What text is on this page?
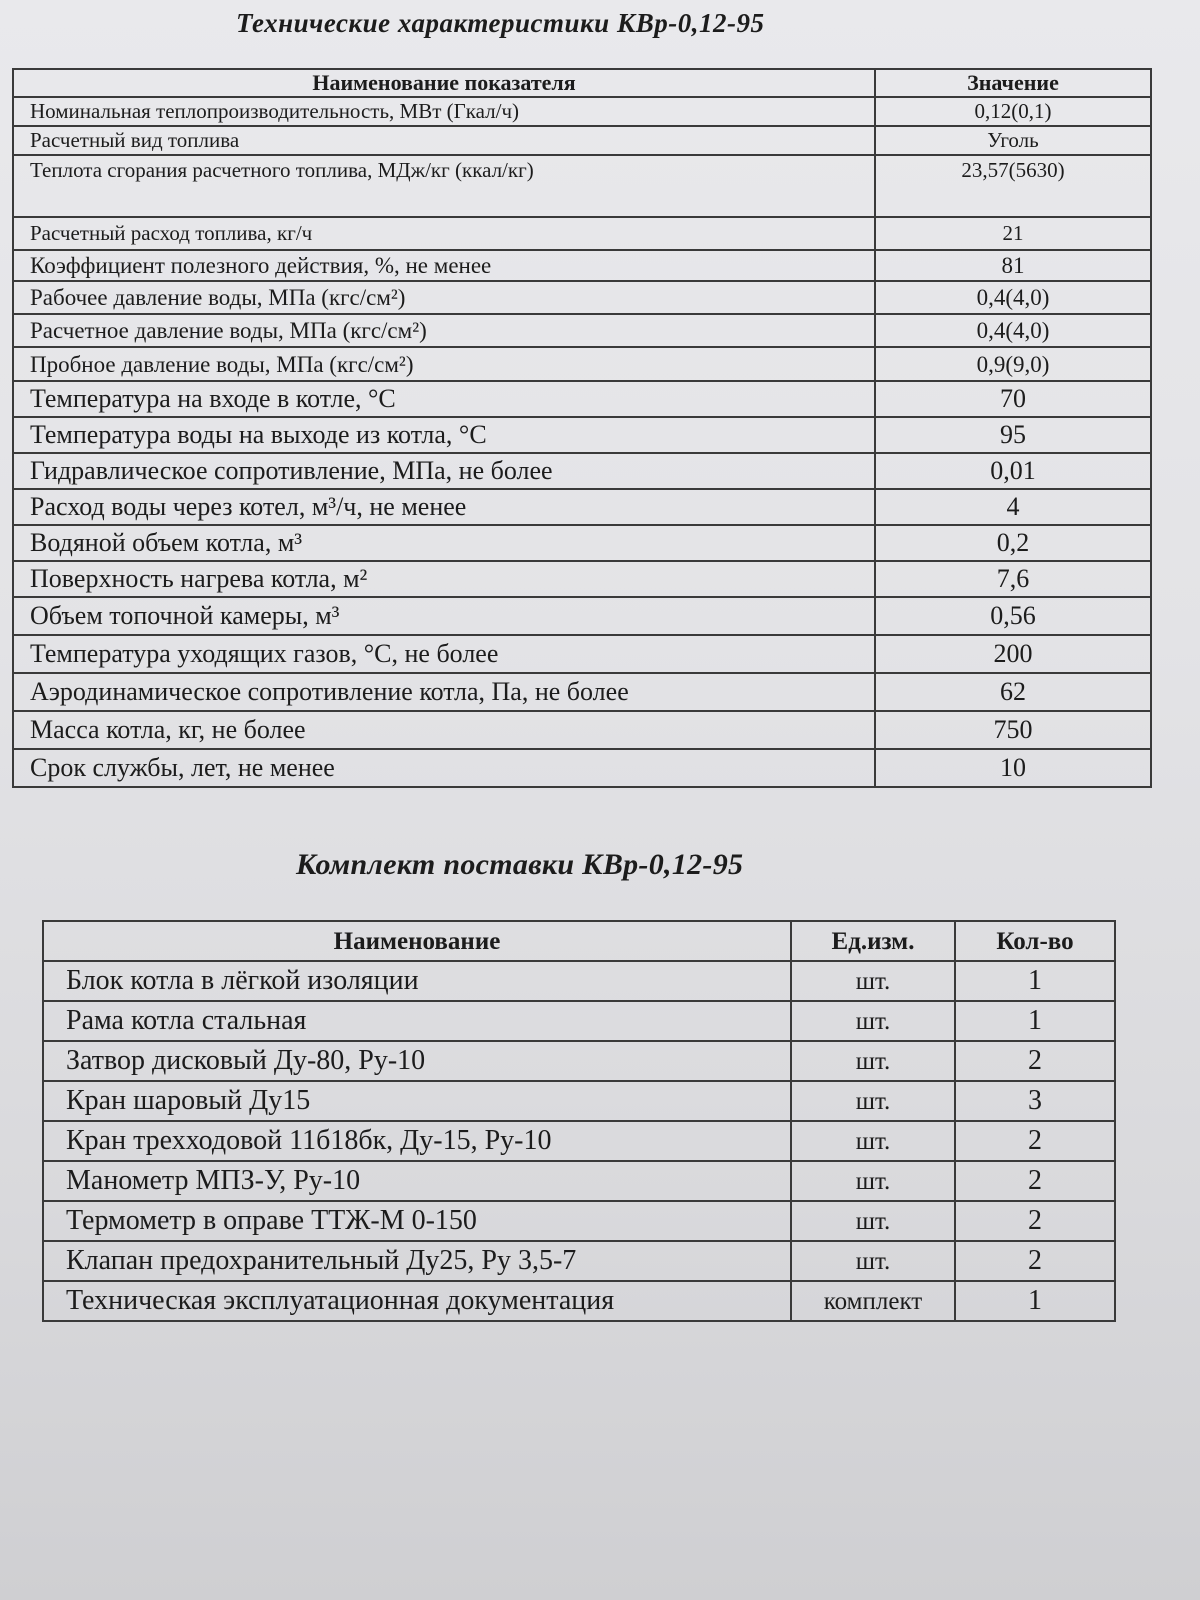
Технические характеристики КВр-0,12-95
Наименование показателя	Значение
Номинальная теплопроизводительность, МВт (Гкал/ч)	0,12(0,1)
Расчетный вид топлива	Уголь
Теплота сгорания расчетного топлива, МДж/кг (ккал/кг)	23,57(5630)
Расчетный расход топлива, кг/ч	21
Коэффициент полезного действия, %, не менее	81
Рабочее давление воды, МПа (кгс/см²)	0,4(4,0)
Расчетное давление воды, МПа (кгс/см²)	0,4(4,0)
Пробное давление воды, МПа (кгс/см²)	0,9(9,0)
Температура на входе в котле, °С	70
Температура воды на выходе из котла, °С	95
Гидравлическое сопротивление, МПа, не более	0,01
Расход воды через котел, м³/ч, не менее	4
Водяной объем котла, м³	0,2
Поверхность нагрева котла, м²	7,6
Объем топочной камеры, м³	0,56
Температура уходящих газов, °С, не более	200
Аэродинамическое сопротивление котла, Па, не более	62
Масса котла, кг, не более	750
Срок службы, лет, не менее	10
Комплект поставки КВр-0,12-95
Наименование	Ед.изм.	Кол-во
Блок котла в лёгкой изоляции	шт.	1
Рама котла стальная	шт.	1
Затвор дисковый Ду-80, Ру-10	шт.	2
Кран шаровый Ду15	шт.	3
Кран трехходовой 11б18бк, Ду-15, Ру-10	шт.	2
Манометр МПЗ-У, Ру-10	шт.	2
Термометр в оправе ТТЖ-М 0-150	шт.	2
Клапан предохранительный Ду25, Ру 3,5-7	шт.	2
Техническая эксплуатационная документация	комплект	1
